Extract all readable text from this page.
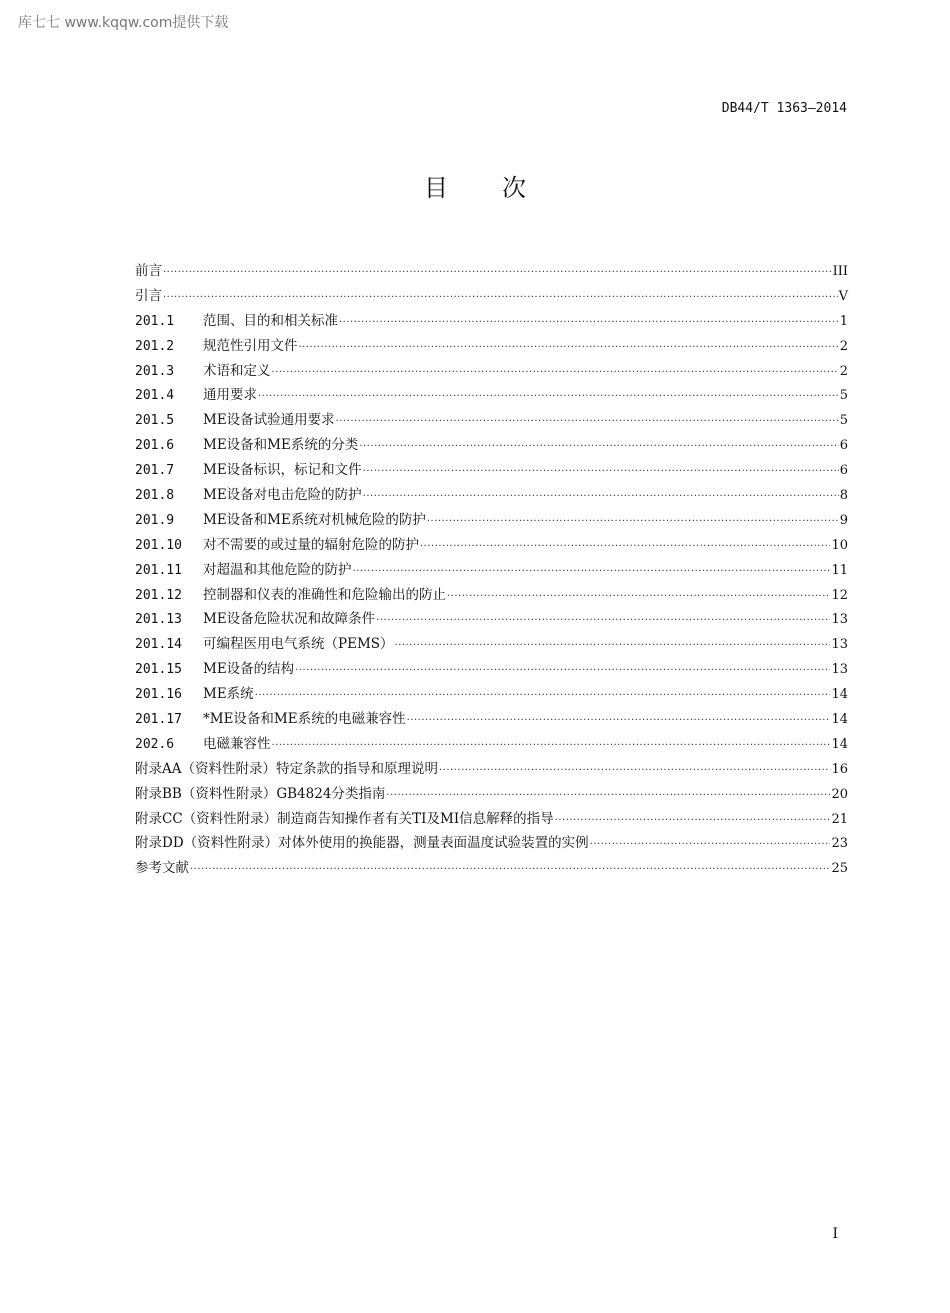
库七七 www.kqqw.com提供下载
DB44/T 1363—2014
目 次
前言 ·····	III
引言 ·····	V
201.1	范围、目的和相关标准 ·····	1
201.2	规范性引用文件 ·····	2
201.3	术语和定义 ·····	2
201.4	通用要求 ·····	5
201.5	ME设备试验通用要求 ·····	5
201.6	ME设备和ME系统的分类 ·····	6
201.7	ME设备标识，标记和文件 ·····	6
201.8	ME设备对电击危险的防护 ·····	8
201.9	ME设备和ME系统对机械危险的防护 ·····	9
201.10	对不需要的或过量的辐射危险的防护 ·····	10
201.11	对超温和其他危险的防护 ·····	11
201.12	控制器和仪表的准确性和危险输出的防止 ·····	12
201.13	ME设备危险状况和故障条件 ·····	13
201.14	可编程医用电气系统（PEMS） ·····	13
201.15	ME设备的结构 ·····	13
201.16	ME系统 ·····	14
201.17	*ME设备和ME系统的电磁兼容性 ·····	14
202.6	电磁兼容性 ·····	14
附录AA（资料性附录）特定条款的指导和原理说明 ·····	16
附录BB（资料性附录）GB4824分类指南 ·····	20
附录CC（资料性附录）制造商告知操作者有关TI及MI信息解释的指导 ·····	21
附录DD（资料性附录）对体外使用的换能器，测量表面温度试验装置的实例 ·····	23
参考文献 ·····	25
I
